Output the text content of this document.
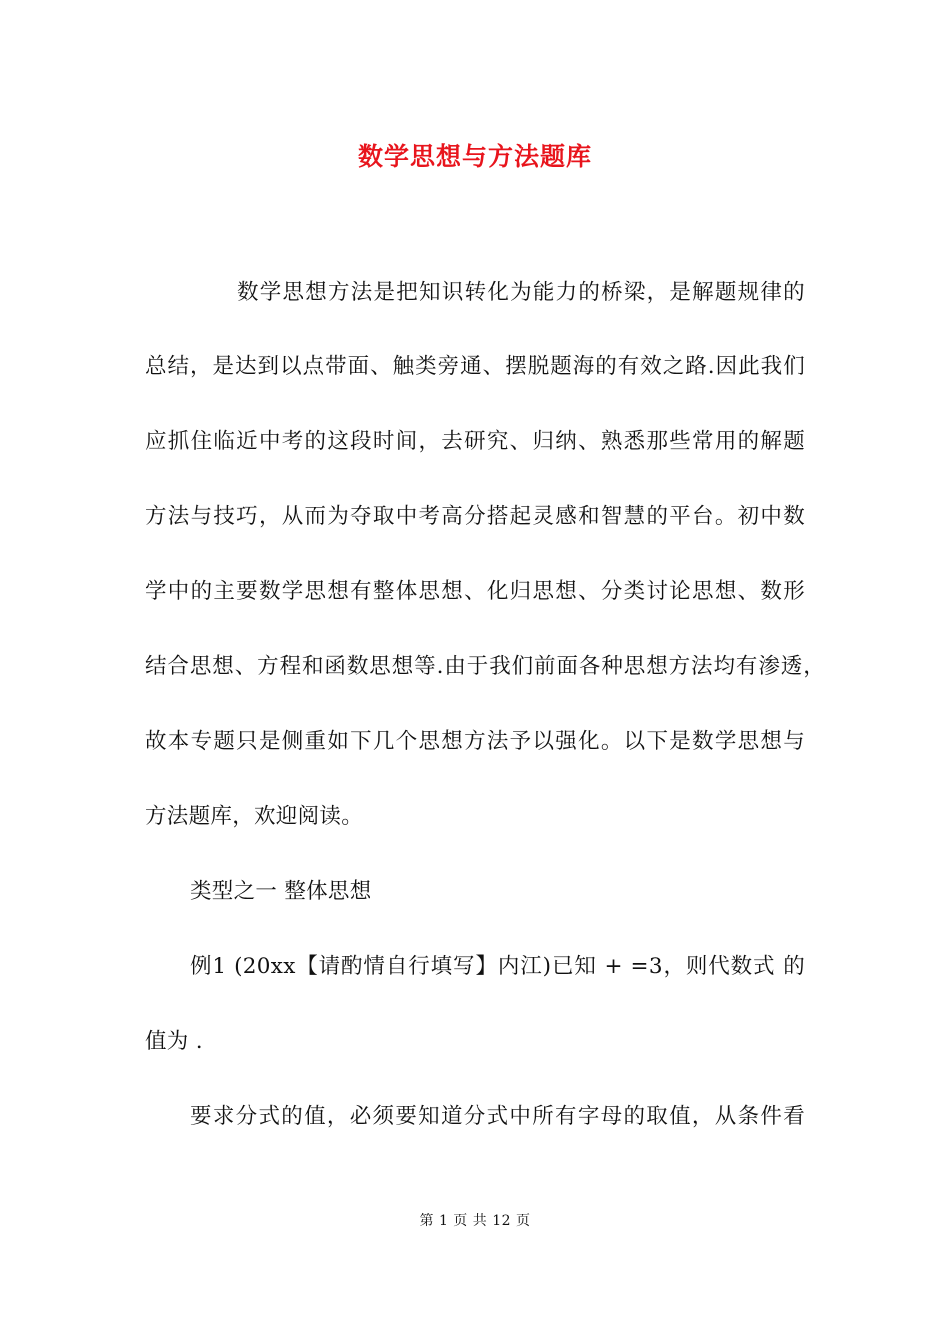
数学思想与方法题库
数学思想方法是把知识转化为能力的桥梁，是解题规律的
总结，是达到以点带面、触类旁通、摆脱题海的有效之路.因此我们
应抓住临近中考的这段时间，去研究、归纳、熟悉那些常用的解题
方法与技巧，从而为夺取中考高分搭起灵感和智慧的平台。初中数
学中的主要数学思想有整体思想、化归思想、分类讨论思想、数形
结合思想、方程和函数思想等.由于我们前面各种思想方法均有渗透，
故本专题只是侧重如下几个思想方法予以强化。以下是数学思想与
方法题库，欢迎阅读。
类型之一 整体思想
例1 (20xx【请酌情自行填写】内江)已知 + =3，则代数式 的
值为 .
要求分式的值，必须要知道分式中所有字母的取值，从条件看
第 1 页 共 12 页
